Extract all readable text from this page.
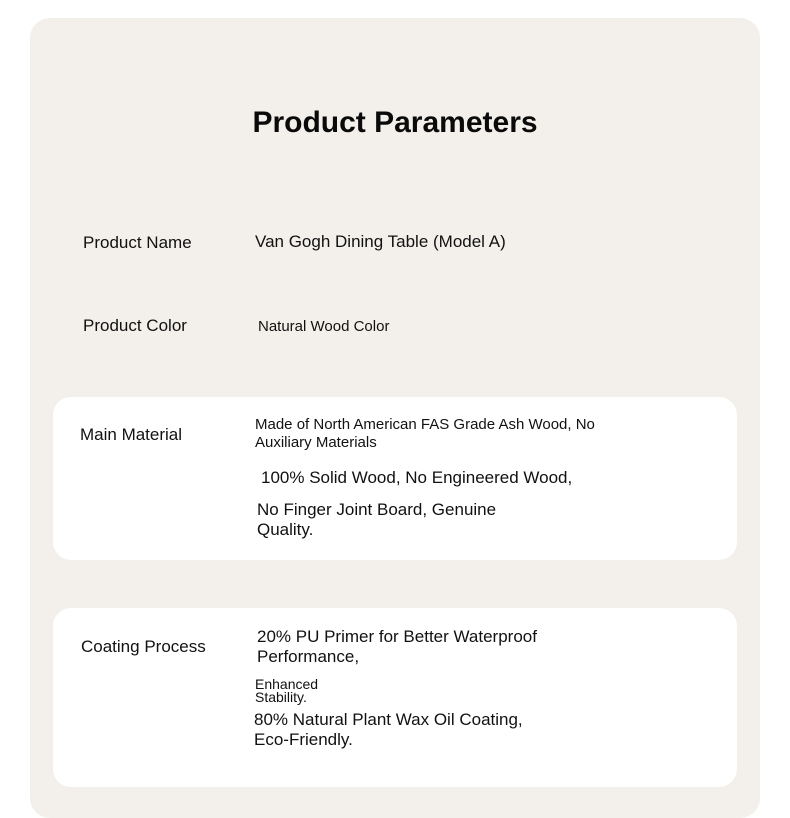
Product Parameters
Product Name	Van Gogh Dining Table (Model A)
Product Color	Natural Wood Color
Main Material
Made of North American FAS Grade Ash Wood, No
Auxiliary Materials
100% Solid Wood, No Engineered Wood,
No Finger Joint Board, Genuine
Quality.
Coating Process
20% PU Primer for Better Waterproof
Performance,
Enhanced
Stability.
80% Natural Plant Wax Oil Coating,
Eco-Friendly.
